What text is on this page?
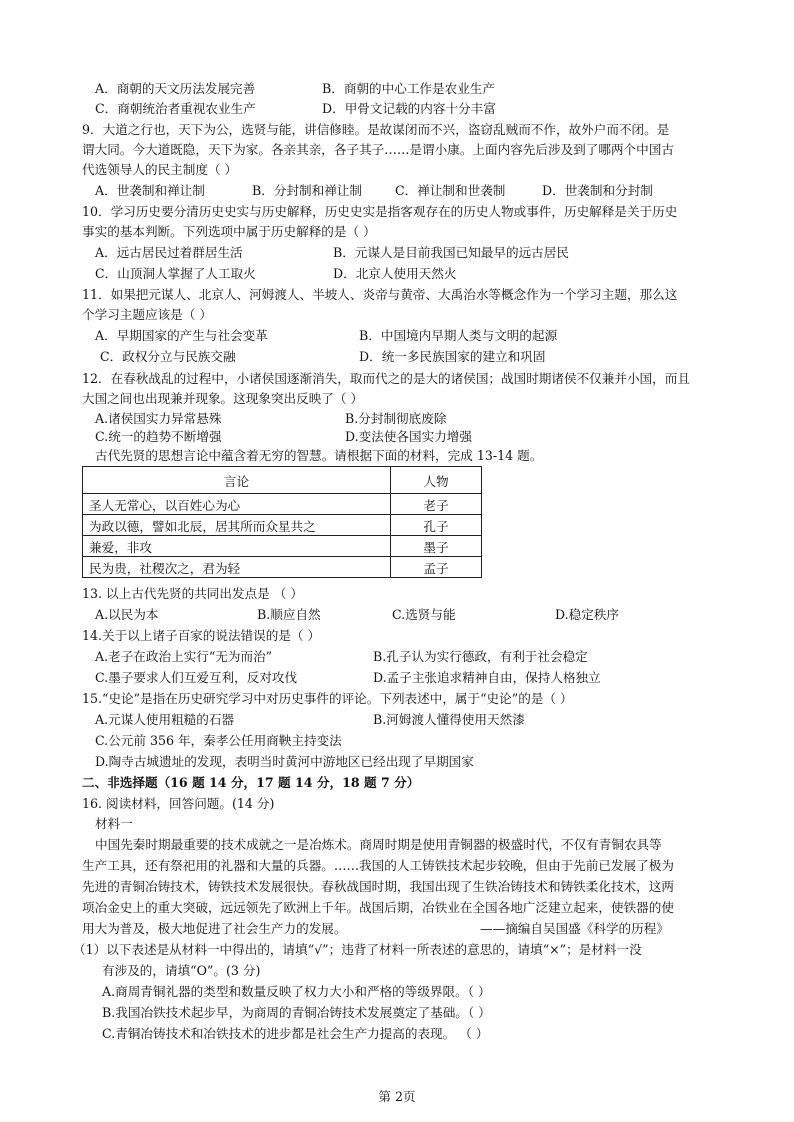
A．商朝的天文历法发展完善	B．商朝的中心工作是农业生产
C．商朝统治者重视农业生产	D．甲骨文记载的内容十分丰富
9．大道之行也，天下为公，选贤与能，讲信修睦。是故谋闭而不兴，盗窃乱贼而不作，故外户而不闭。是
谓大同。今大道既隐，天下为家。各亲其亲，各子其子……是谓小康。上面内容先后涉及到了哪两个中国古
代选领导人的民主制度（ ）
A．世袭制和禅让制	B．分封制和禅让制	C．禅让制和世袭制	D．世袭制和分封制
10．学习历史要分清历史史实与历史解释，历史史实是指客观存在的历史人物或事件，历史解释是关于历史
事实的基本判断。下列选项中属于历史解释的是（ ）
A．远古居民过着群居生活	B．元谋人是目前我国已知最早的远古居民
C．山顶洞人掌握了人工取火	D．北京人使用天然火
11．如果把元谋人、北京人、河姆渡人、半坡人、炎帝与黄帝、大禹治水等概念作为一个学习主题，那么这
个学习主题应该是（ ）
A．早期国家的产生与社会变革	B．中国境内早期人类与文明的起源
C．政权分立与民族交融	D．统一多民族国家的建立和巩固
12．在春秋战乱的过程中，小诸侯国逐渐消失，取而代之的是大的诸侯国；战国时期诸侯不仅兼并小国，而且
大国之间也出现兼并现象。这现象突出反映了（ ）
A.诸侯国实力异常悬殊	B.分封制彻底废除
C.统一的趋势不断增强	D.变法使各国实力增强
古代先贤的思想言论中蕴含着无穷的智慧。请根据下面的材料，完成 13-14 题。
言论	人物
圣人无常心，以百姓心为心	老子
为政以德，譬如北辰，居其所而众星共之	孔子
兼爱，非攻	墨子
民为贵，社稷次之，君为轻	孟子
13. 以上古代先贤的共同出发点是 （ ）
A.以民为本	B.顺应自然	C.选贤与能	D.稳定秩序
14.关于以上诸子百家的说法错误的是（ ）
A.老子在政治上实行“无为而治”	B.孔子认为实行德政，有利于社会稳定
C.墨子要求人们互爱互利，反对攻伐	D.孟子主张追求精神自由，保持人格独立
15.“史论”是指在历史研究学习中对历史事件的评论。下列表述中，属于“史论”的是（ ）
A.元谋人使用粗糙的石器	B.河姆渡人懂得使用天然漆
C.公元前 356 年，秦孝公任用商鞅主持变法
D.陶寺古城遗址的发现，表明当时黄河中游地区已经出现了早期国家
二、非选择题（16 题 14 分，17 题 14 分，18 题 7 分）
16. 阅读材料，回答问题。(14 分)
材料一
中国先秦时期最重要的技术成就之一是冶炼术。商周时期是使用青铜器的极盛时代，不仅有青铜农具等
生产工具，还有祭祀用的礼器和大量的兵器。……我国的人工铸铁技术起步较晚，但由于先前已发展了极为
先进的青铜冶铸技术，铸铁技术发展很快。春秋战国时期，我国出现了生铁冶铸技术和铸铁柔化技术，这两
项冶金史上的重大突破，远远领先了欧洲上千年。战国后期，冶铁业在全国各地广泛建立起来，使铁器的使
用大为普及，极大地促进了社会生产力的发展。	——摘编自吴国盛《科学的历程》
（1）以下表述是从材料一中得出的，请填“√”；违背了材料一所表述的意思的，请填“×”；是材料一没
有涉及的，请填“O”。(3 分)
A.商周青铜礼器的类型和数量反映了权力大小和严格的等级界限。（ ）
B.我国冶铁技术起步早，为商周的青铜冶铸技术发展奠定了基础。（ ）
C.青铜冶铸技术和冶铁技术的进步都是社会生产力提高的表现。 （ ）
第 2页
